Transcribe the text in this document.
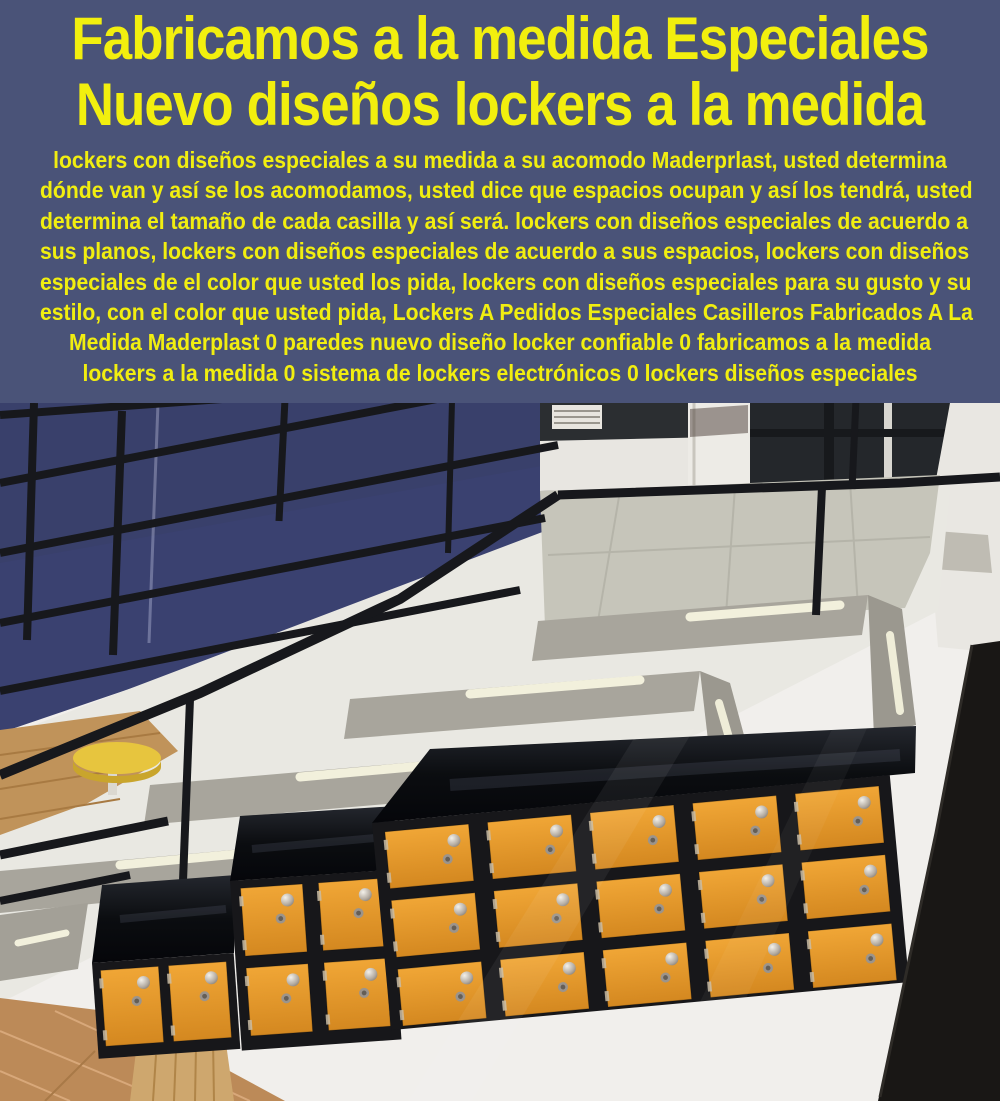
Fabricamos a la medida Especiales
Nuevo diseños lockers a la medida
lockers con diseños especiales a su medida a su acomodo Maderprlast, usted determina
dónde van y así se los acomodamos, usted dice que espacios ocupan y así los tendrá, usted
determina el tamaño de cada casilla y así será. lockers con diseños especiales de acuerdo a
sus planos, lockers con diseños especiales de acuerdo a sus espacios, lockers con diseños
especiales de el color que usted los pida, lockers con diseños especiales para su gusto y su
estilo, con el color que usted pida, Lockers A Pedidos Especiales Casilleros Fabricados A La
Medida Maderplast 0 paredes nuevo diseño locker confiable 0 fabricamos a la medida
lockers a la medida 0 sistema de lockers electrónicos 0 lockers diseños especiales
